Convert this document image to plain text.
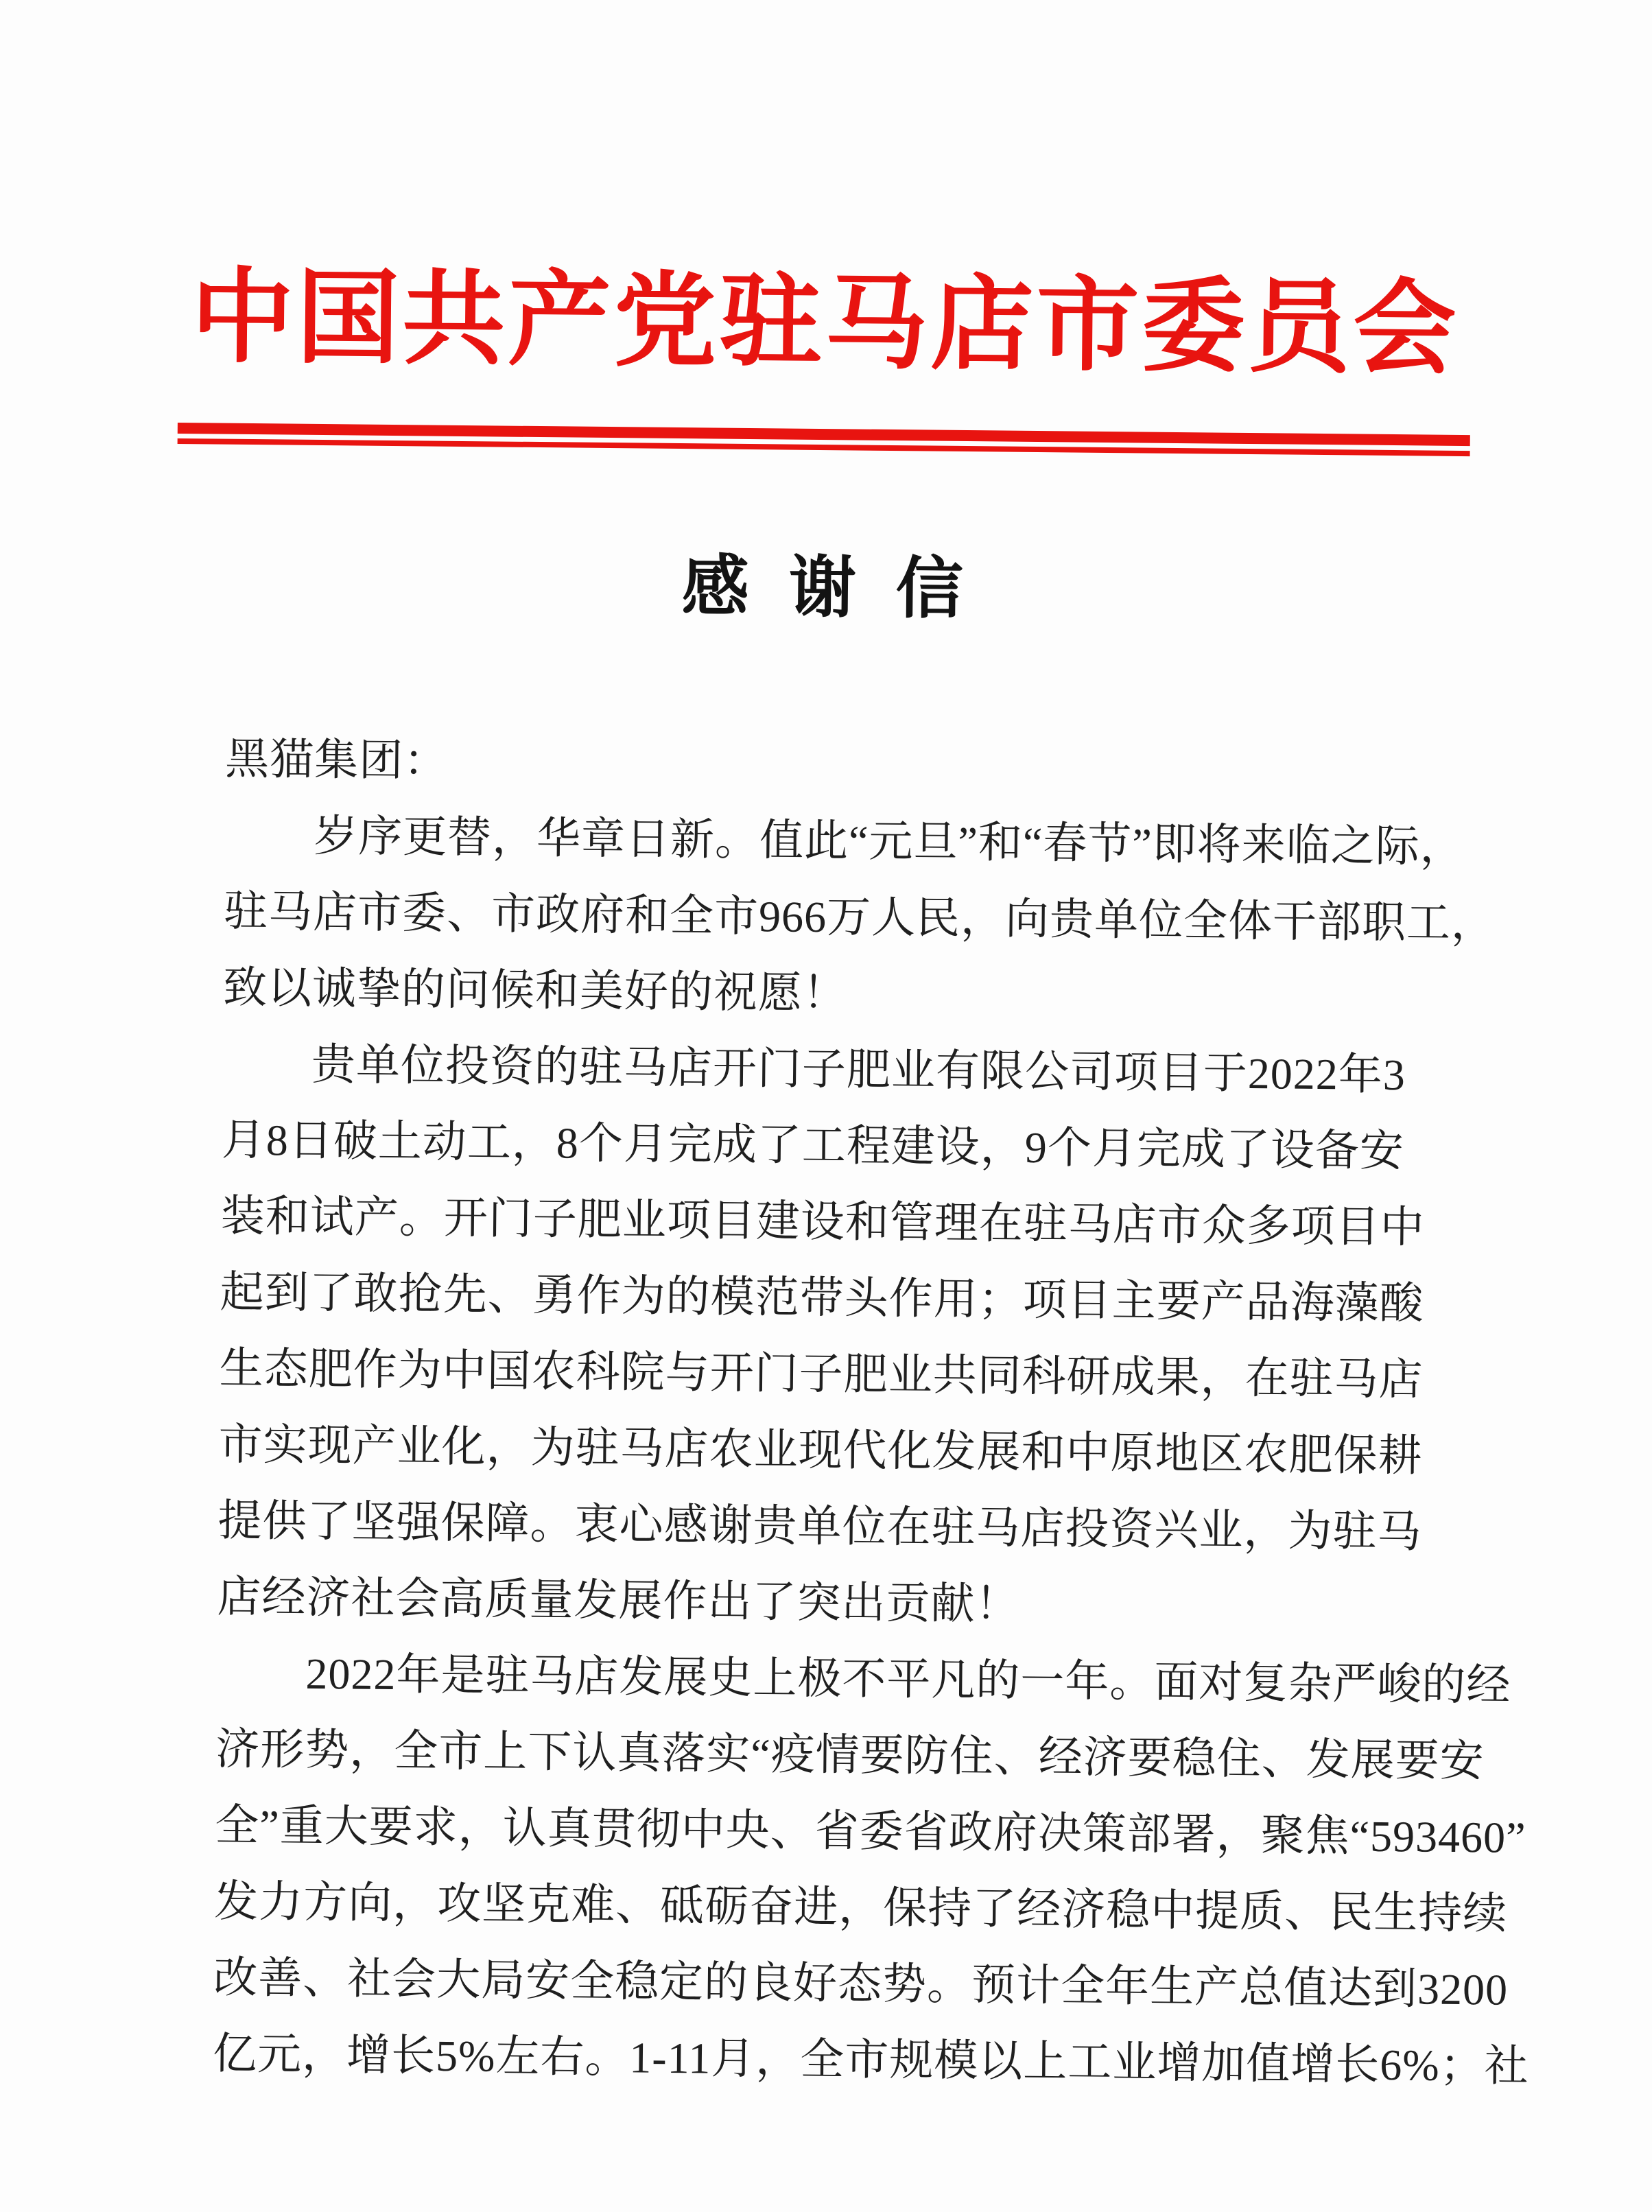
中国共产党驻马店市委员会
感谢信
黑猫集团：
　　岁序更替，华章日新。值此“元旦”和“春节”即将来临之际，
驻马店市委、市政府和全市966万人民，向贵单位全体干部职工，
致以诚挚的问候和美好的祝愿！
　　贵单位投资的驻马店开门子肥业有限公司项目于2022年3
月8日破土动工，8个月完成了工程建设，9个月完成了设备安
装和试产。开门子肥业项目建设和管理在驻马店市众多项目中
起到了敢抢先、勇作为的模范带头作用；项目主要产品海藻酸
生态肥作为中国农科院与开门子肥业共同科研成果，在驻马店
市实现产业化，为驻马店农业现代化发展和中原地区农肥保耕
提供了坚强保障。衷心感谢贵单位在驻马店投资兴业，为驻马
店经济社会高质量发展作出了突出贡献！
　　2022年是驻马店发展史上极不平凡的一年。面对复杂严峻的经
济形势，全市上下认真落实“疫情要防住、经济要稳住、发展要安
全”重大要求，认真贯彻中央、省委省政府决策部署，聚焦“593460”
发力方向，攻坚克难、砥砺奋进，保持了经济稳中提质、民生持续
改善、社会大局安全稳定的良好态势。预计全年生产总值达到3200
亿元，增长5%左右。1-11月，全市规模以上工业增加值增长6%；社
